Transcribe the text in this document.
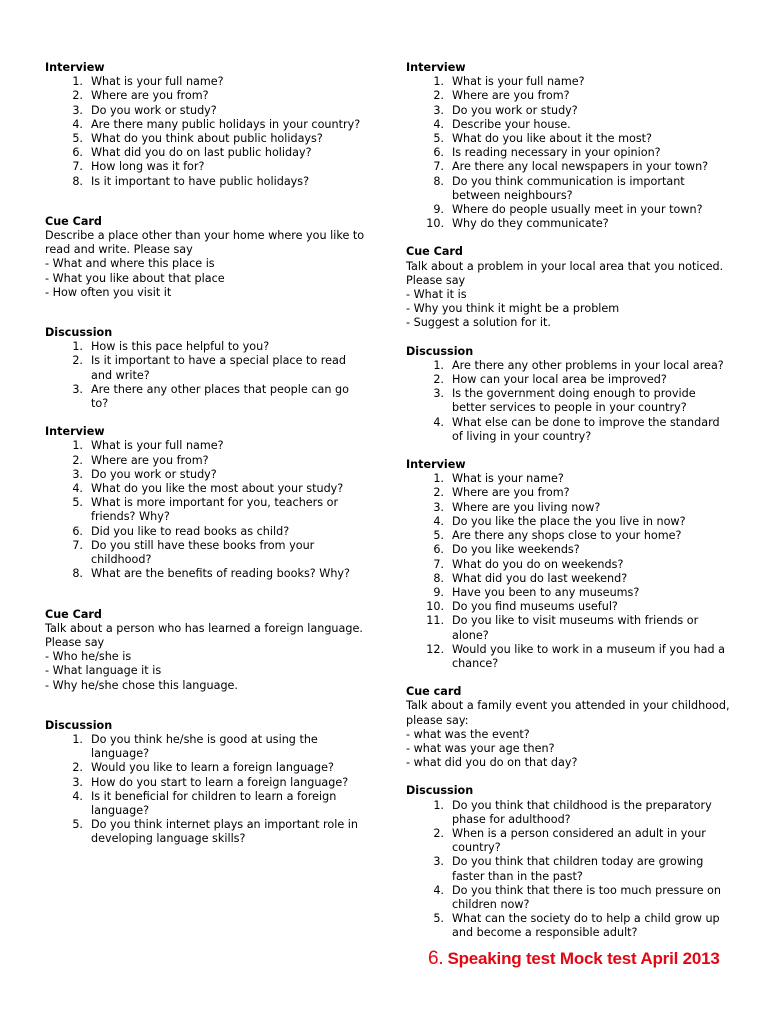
Interview
1. What is your full name?
2. Where are you from?
3. Do you work or study?
4. Are there many public holidays in your country?
5. What do you think about public holidays?
6. What did you do on last public holiday?
7. How long was it for?
8. Is it important to have public holidays?
Cue Card

Describe a place other than your home where you like to read and write. Please say

- What and where this place is

- What you like about that place

- How often you visit it

Discussion
1. How is this pace helpful to you?
2. Is it important to have a special place to read and write?
3. Are there any other places that people can go to?
Interview
1. What is your full name?
2. Where are you from?
3. Do you work or study?
4. What do you like the most about your study?
5. What is more important for you, teachers or friends? Why?
6. Did you like to read books as child?
7. Do you still have these books from your childhood?
8. What are the benefits of reading books? Why?
Cue Card

Talk about a person who has learned a foreign language. Please say

- Who he/she is

- What language it is

- Why he/she chose this language.

Discussion
1. Do you think he/she is good at using the language?
2. Would you like to learn a foreign language?
3. How do you start to learn a foreign language?
4. Is it beneficial for children to learn a foreign language?
5. Do you think internet plays an important role in developing language skills?
Interview
1. What is your full name?
2. Where are you from?
3. Do you work or study?
4. Describe your house.
5. What do you like about it the most?
6. Is reading necessary in your opinion?
7. Are there any local newspapers in your town?
8. Do you think communication is important between neighbours?
9. Where do people usually meet in your town?
10. Why do they communicate?
Cue Card

Talk about a problem in your local area that you noticed. Please say

- What it is

- Why you think it might be a problem

- Suggest a solution for it.

Discussion
1. Are there any other problems in your local area?
2. How can your local area be improved?
3. Is the government doing enough to provide better services to people in your country?
4. What else can be done to improve the standard of living in your country?
Interview
1. What is your name?
2. Where are you from?
3. Where are you living now?
4. Do you like the place the you live in now?
5. Are there any shops close to your home?
6. Do you like weekends?
7. What do you do on weekends?
8. What did you do last weekend?
9. Have you been to any museums?
10. Do you find museums useful?
11. Do you like to visit museums with friends or alone?
12. Would you like to work in a museum if you had a chance?
Cue card

Talk about a family event you attended in your childhood, please say:

- what was the event?

- what was your age then?

- what did you do on that day?

Discussion
1. Do you think that childhood is the preparatory phase for adulthood?
2. When is a person considered an adult in your country?
3. Do you think that children today are growing faster than in the past?
4. Do you think that there is too much pressure on children now?
5. What can the society do to help a child grow up and become a responsible adult?
6. Speaking test Mock test April 2013
